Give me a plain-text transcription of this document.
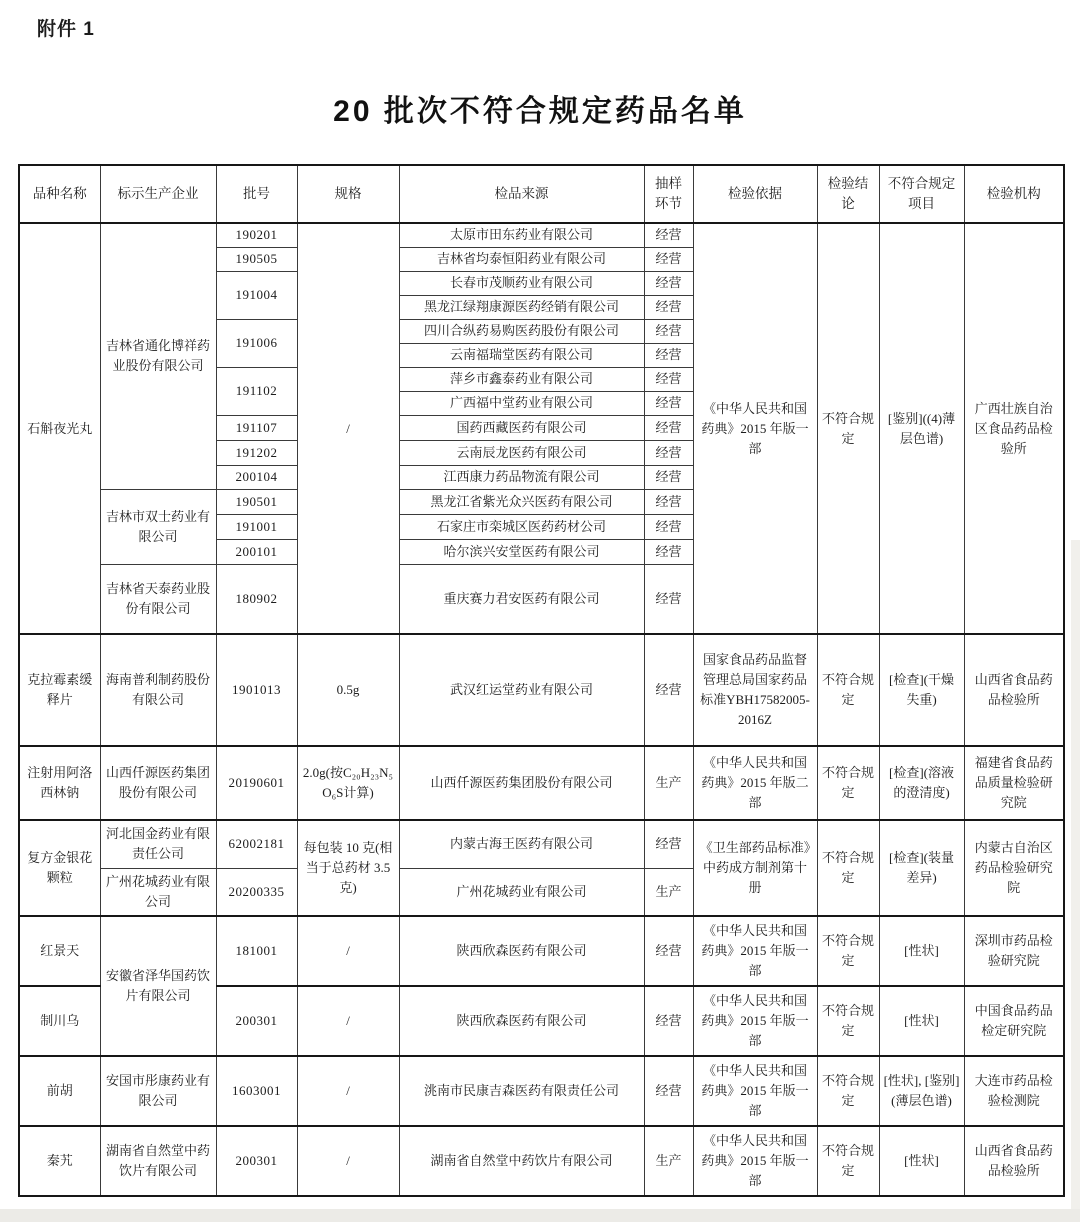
附件 1
20 批次不符合规定药品名单
品种名称	标示生产企业	批号	规格	检品来源	抽样环节	检验依据	检验结论	不符合规定项目	检验机构
石斛夜光丸	吉林省通化博祥药业股份有限公司	190201	/	太原市田东药业有限公司	经营	《中华人民共和国药典》2015 年版一部	不符合规定	[鉴别]((4)薄层色谱)	广西壮族自治区食品药品检验所
		190505		吉林省均泰恒阳药业有限公司	经营				
		191004		长春市茂顺药业有限公司	经营				
				黑龙江绿翔康源医药经销有限公司	经营				
		191006		四川合纵药易购医药股份有限公司	经营				
				云南福瑞堂医药有限公司	经营				
		191102		萍乡市鑫泰药业有限公司	经营				
				广西福中堂药业有限公司	经营				
		191107		国药西藏医药有限公司	经营				
		191202		云南辰龙医药有限公司	经营				
		200104		江西康力药品物流有限公司	经营				
	吉林市双士药业有限公司	190501		黑龙江省紫光众兴医药有限公司	经营				
		191001		石家庄市栾城区医药药材公司	经营				
		200101		哈尔滨兴安堂医药有限公司	经营				
	吉林省天泰药业股份有限公司	180902		重庆赛力君安医药有限公司	经营				
克拉霉素缓释片	海南普利制药股份有限公司	1901013	0.5g	武汉红运堂药业有限公司	经营	国家食品药品监督管理总局国家药品标准YBH17582005-2016Z	不符合规定	[检查](干燥失重)	山西省食品药品检验所
注射用阿洛西林钠	山西仟源医药集团股份有限公司	20190601	2.0g(按C₂₀H₂₃N₅O₆S计算)	山西仟源医药集团股份有限公司	生产	《中华人民共和国药典》2015 年版二部	不符合规定	[检查](溶液的澄清度)	福建省食品药品质量检验研究院
复方金银花颗粒	河北国金药业有限责任公司	62002181	每包装 10 克(相当于总药材 3.5 克)	内蒙古海王医药有限公司	经营	《卫生部药品标准》中药成方制剂第十册	不符合规定	[检查](装量差异)	内蒙古自治区药品检验研究院
	广州花城药业有限公司	20200335		广州花城药业有限公司	生产				
红景天	安徽省泽华国药饮片有限公司	181001	/	陕西欣森医药有限公司	经营	《中华人民共和国药典》2015 年版一部	不符合规定	[性状]	深圳市药品检验研究院
制川乌		200301	/	陕西欣森医药有限公司	经营	《中华人民共和国药典》2015 年版一部	不符合规定	[性状]	中国食品药品检定研究院
前胡	安国市彤康药业有限公司	1603001	/	洮南市民康吉森医药有限责任公司	经营	《中华人民共和国药典》2015 年版一部	不符合规定	[性状], [鉴别](薄层色谱)	大连市药品检验检测院
秦艽	湖南省自然堂中药饮片有限公司	200301	/	湖南省自然堂中药饮片有限公司	生产	《中华人民共和国药典》2015 年版一部	不符合规定	[性状]	山西省食品药品检验所
